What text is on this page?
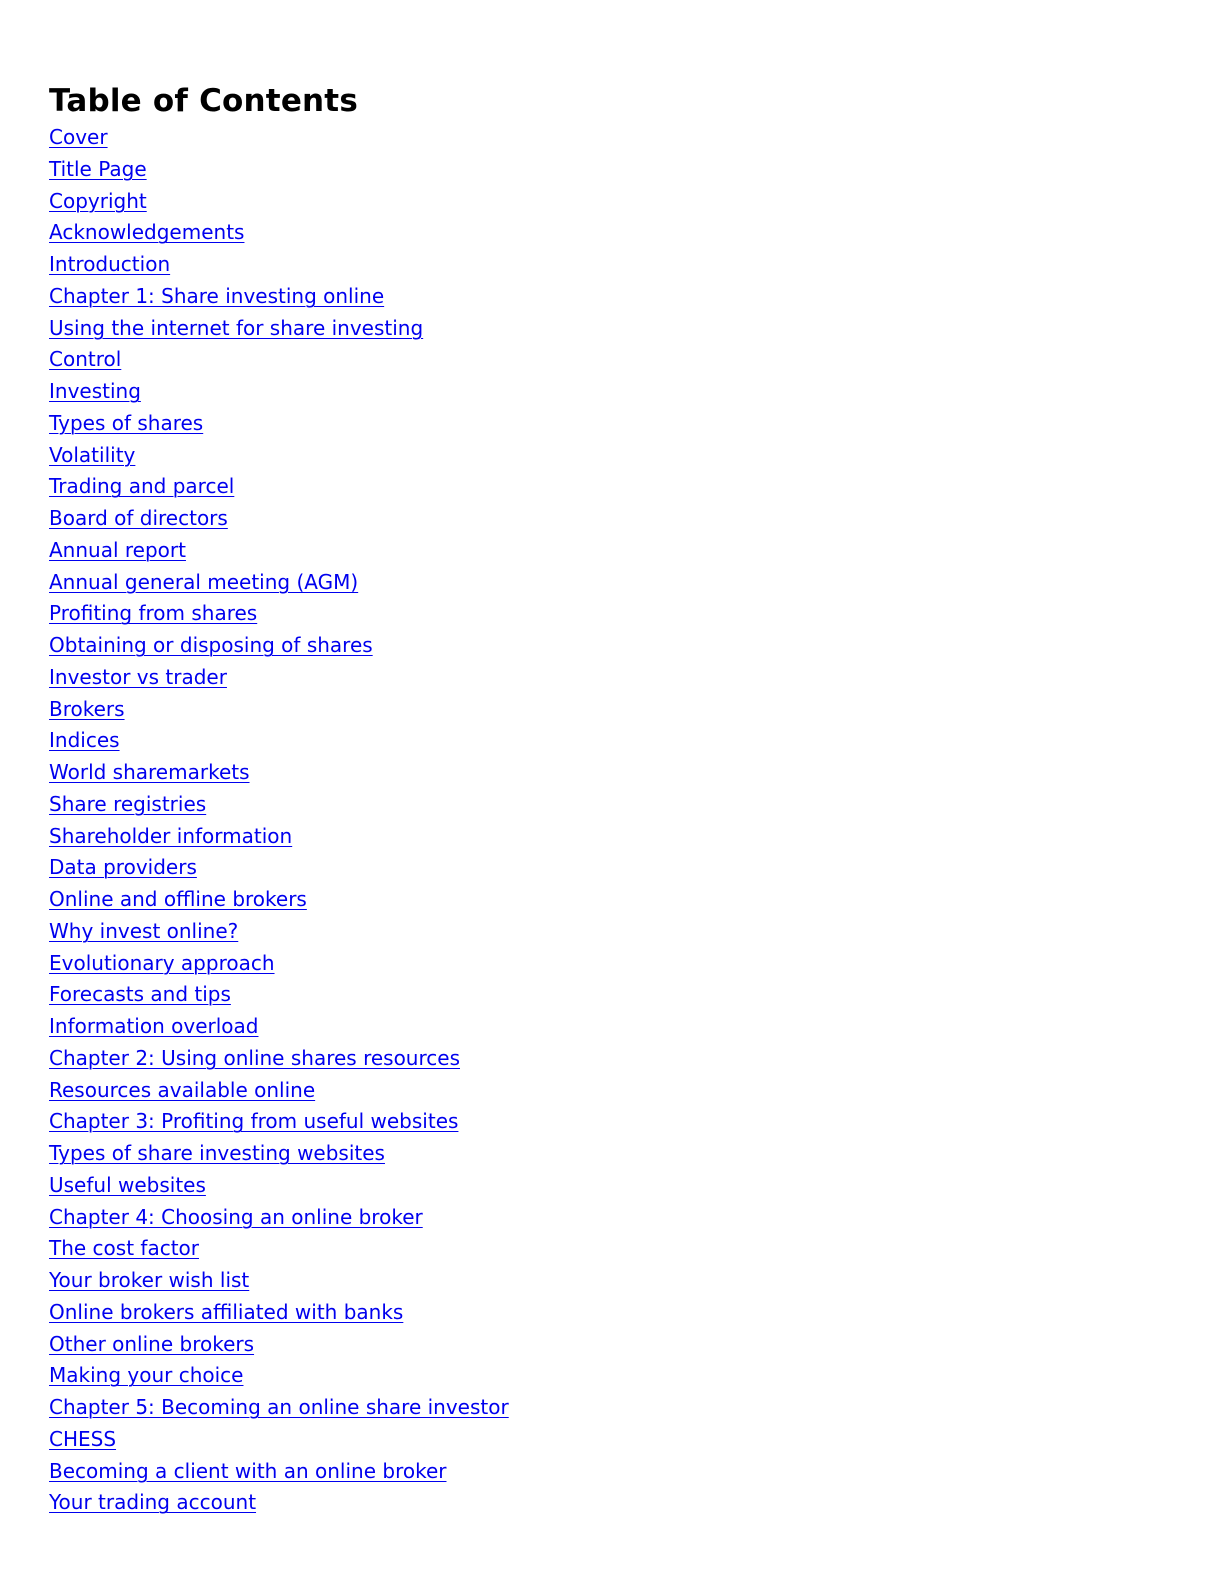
Table of Contents
Cover
Title Page
Copyright
Acknowledgements
Introduction
Chapter 1: Share investing online
Using the internet for share investing
Control
Investing
Types of shares
Volatility
Trading and parcel
Board of directors
Annual report
Annual general meeting (AGM)
Profiting from shares
Obtaining or disposing of shares
Investor vs trader
Brokers
Indices
World sharemarkets
Share registries
Shareholder information
Data providers
Online and offline brokers
Why invest online?
Evolutionary approach
Forecasts and tips
Information overload
Chapter 2: Using online shares resources
Resources available online
Chapter 3: Profiting from useful websites
Types of share investing websites
Useful websites
Chapter 4: Choosing an online broker
The cost factor
Your broker wish list
Online brokers affiliated with banks
Other online brokers
Making your choice
Chapter 5: Becoming an online share investor
CHESS
Becoming a client with an online broker
Your trading account
